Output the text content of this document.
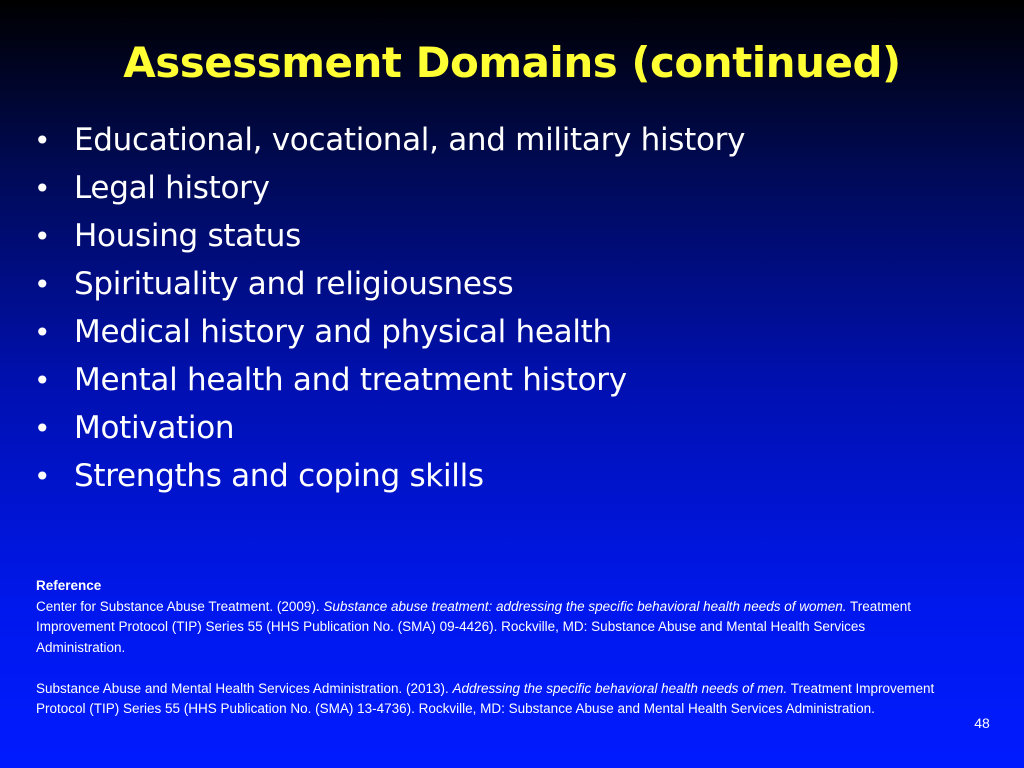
Assessment Domains (continued)
• Educational, vocational, and military history
• Legal history
• Housing status
• Spirituality and religiousness
• Medical history and physical health
• Mental health and treatment history
• Motivation
• Strengths and coping skills
Reference
Center for Substance Abuse Treatment. (2009). Substance abuse treatment: addressing the specific behavioral health needs of women. Treatment Improvement Protocol (TIP) Series 55 (HHS Publication No. (SMA) 09-4426). Rockville, MD: Substance Abuse and Mental Health Services Administration.
Substance Abuse and Mental Health Services Administration. (2013). Addressing the specific behavioral health needs of men. Treatment Improvement Protocol (TIP) Series 55 (HHS Publication No. (SMA) 13-4736). Rockville, MD: Substance Abuse and Mental Health Services Administration.
48
